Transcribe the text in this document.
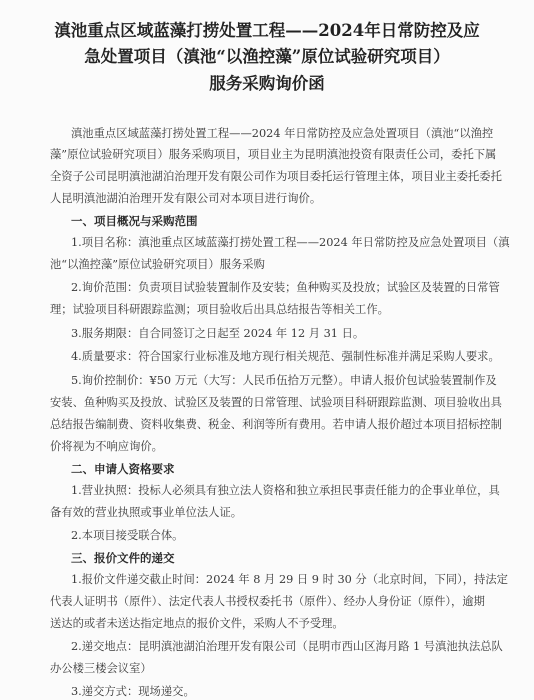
滇池重点区域蓝藻打捞处置工程——2024年日常防控及应
急处置项目（滇池“以渔控藻”原位试验研究项目）
服务采购询价函
滇池重点区域蓝藻打捞处置工程——2024 年日常防控及应急处置项目（滇池“以渔控
藻”原位试验研究项目）服务采购项目，项目业主为昆明滇池投资有限责任公司，委托下属
全资子公司昆明滇池湖泊治理开发有限公司作为项目委托运行管理主体，项目业主委托委托
人昆明滇池湖泊治理开发有限公司对本项目进行询价。
一、项目概况与采购范围
1.项目名称：滇池重点区域蓝藻打捞处置工程——2024 年日常防控及应急处置项目（滇
池“以渔控藻”原位试验研究项目）服务采购
2.询价范围：负责项目试验装置制作及安装；鱼种购买及投放；试验区及装置的日常管
理；试验项目科研跟踪监测；项目验收后出具总结报告等相关工作。
3.服务期限：自合同签订之日起至 2024 年 12 月 31 日。
4.质量要求：符合国家行业标准及地方现行相关规范、强制性标准并满足采购人要求。
5.询价控制价：¥50 万元（大写：人民币伍拾万元整）。申请人报价包试验装置制作及
安装、鱼种购买及投放、试验区及装置的日常管理、试验项目科研跟踪监测、项目验收出具
总结报告编制费、资料收集费、税金、利润等所有费用。若申请人报价超过本项目招标控制
价将视为不响应询价。
二、申请人资格要求
1.营业执照：投标人必须具有独立法人资格和独立承担民事责任能力的企事业单位，具
备有效的营业执照或事业单位法人证。
2.本项目接受联合体。
三、报价文件的递交
1.报价文件递交截止时间：2024 年 8 月 29 日 9 时 30 分（北京时间，下同），持法定
代表人证明书（原件）、法定代表人书授权委托书（原件）、经办人身份证（原件），逾期
送达的或者未送达指定地点的报价文件，采购人不予受理。
2.递交地点：昆明滇池湖泊治理开发有限公司（昆明市西山区海月路 1 号滇池执法总队
办公楼三楼会议室）
3.递交方式：现场递交。
